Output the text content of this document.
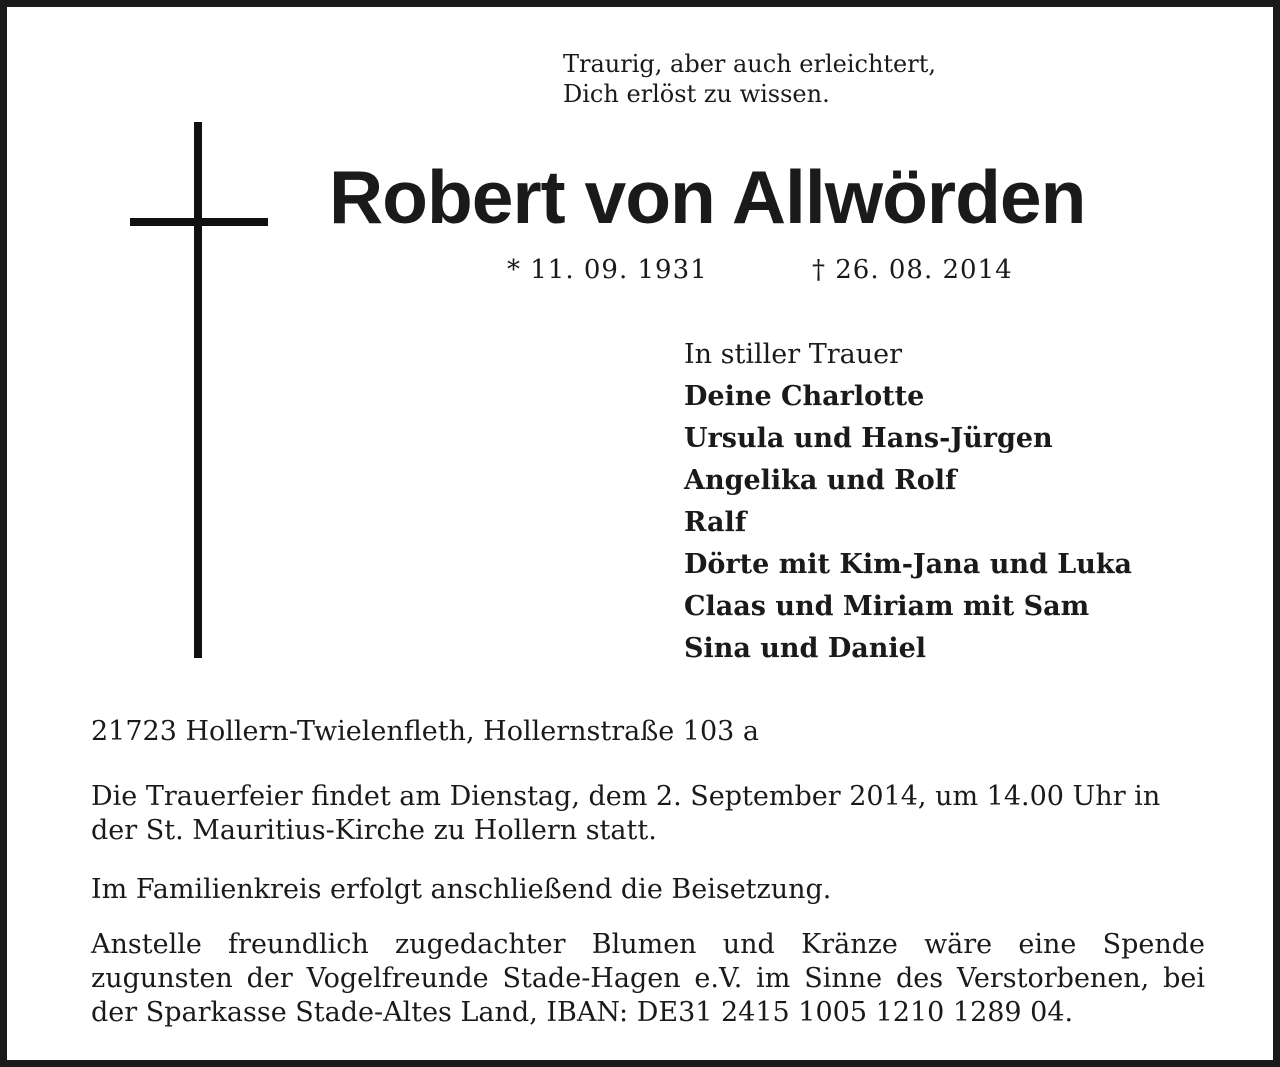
Traurig, aber auch erleichtert,
Dich erlöst zu wissen.
Robert von Allwörden
* 11. 09. 1931	† 26. 08. 2014
In stiller Trauer
Deine Charlotte
Ursula und Hans-Jürgen
Angelika und Rolf
Ralf
Dörte mit Kim-Jana und Luka
Claas und Miriam mit Sam
Sina und Daniel
21723 Hollern-Twielenfleth, Hollernstraße 103 a
Die Trauerfeier findet am Dienstag, dem 2. September 2014, um 14.00 Uhr in der St. Mauritius-Kirche zu Hollern statt.
Im Familienkreis erfolgt anschließend die Beisetzung.
Anstelle freundlich zugedachter Blumen und Kränze wäre eine Spende zugunsten der Vogelfreunde Stade-Hagen e.V. im Sinne des Verstorbenen, bei der Sparkasse Stade-Altes Land, IBAN: DE31 2415 1005 1210 1289 04.
